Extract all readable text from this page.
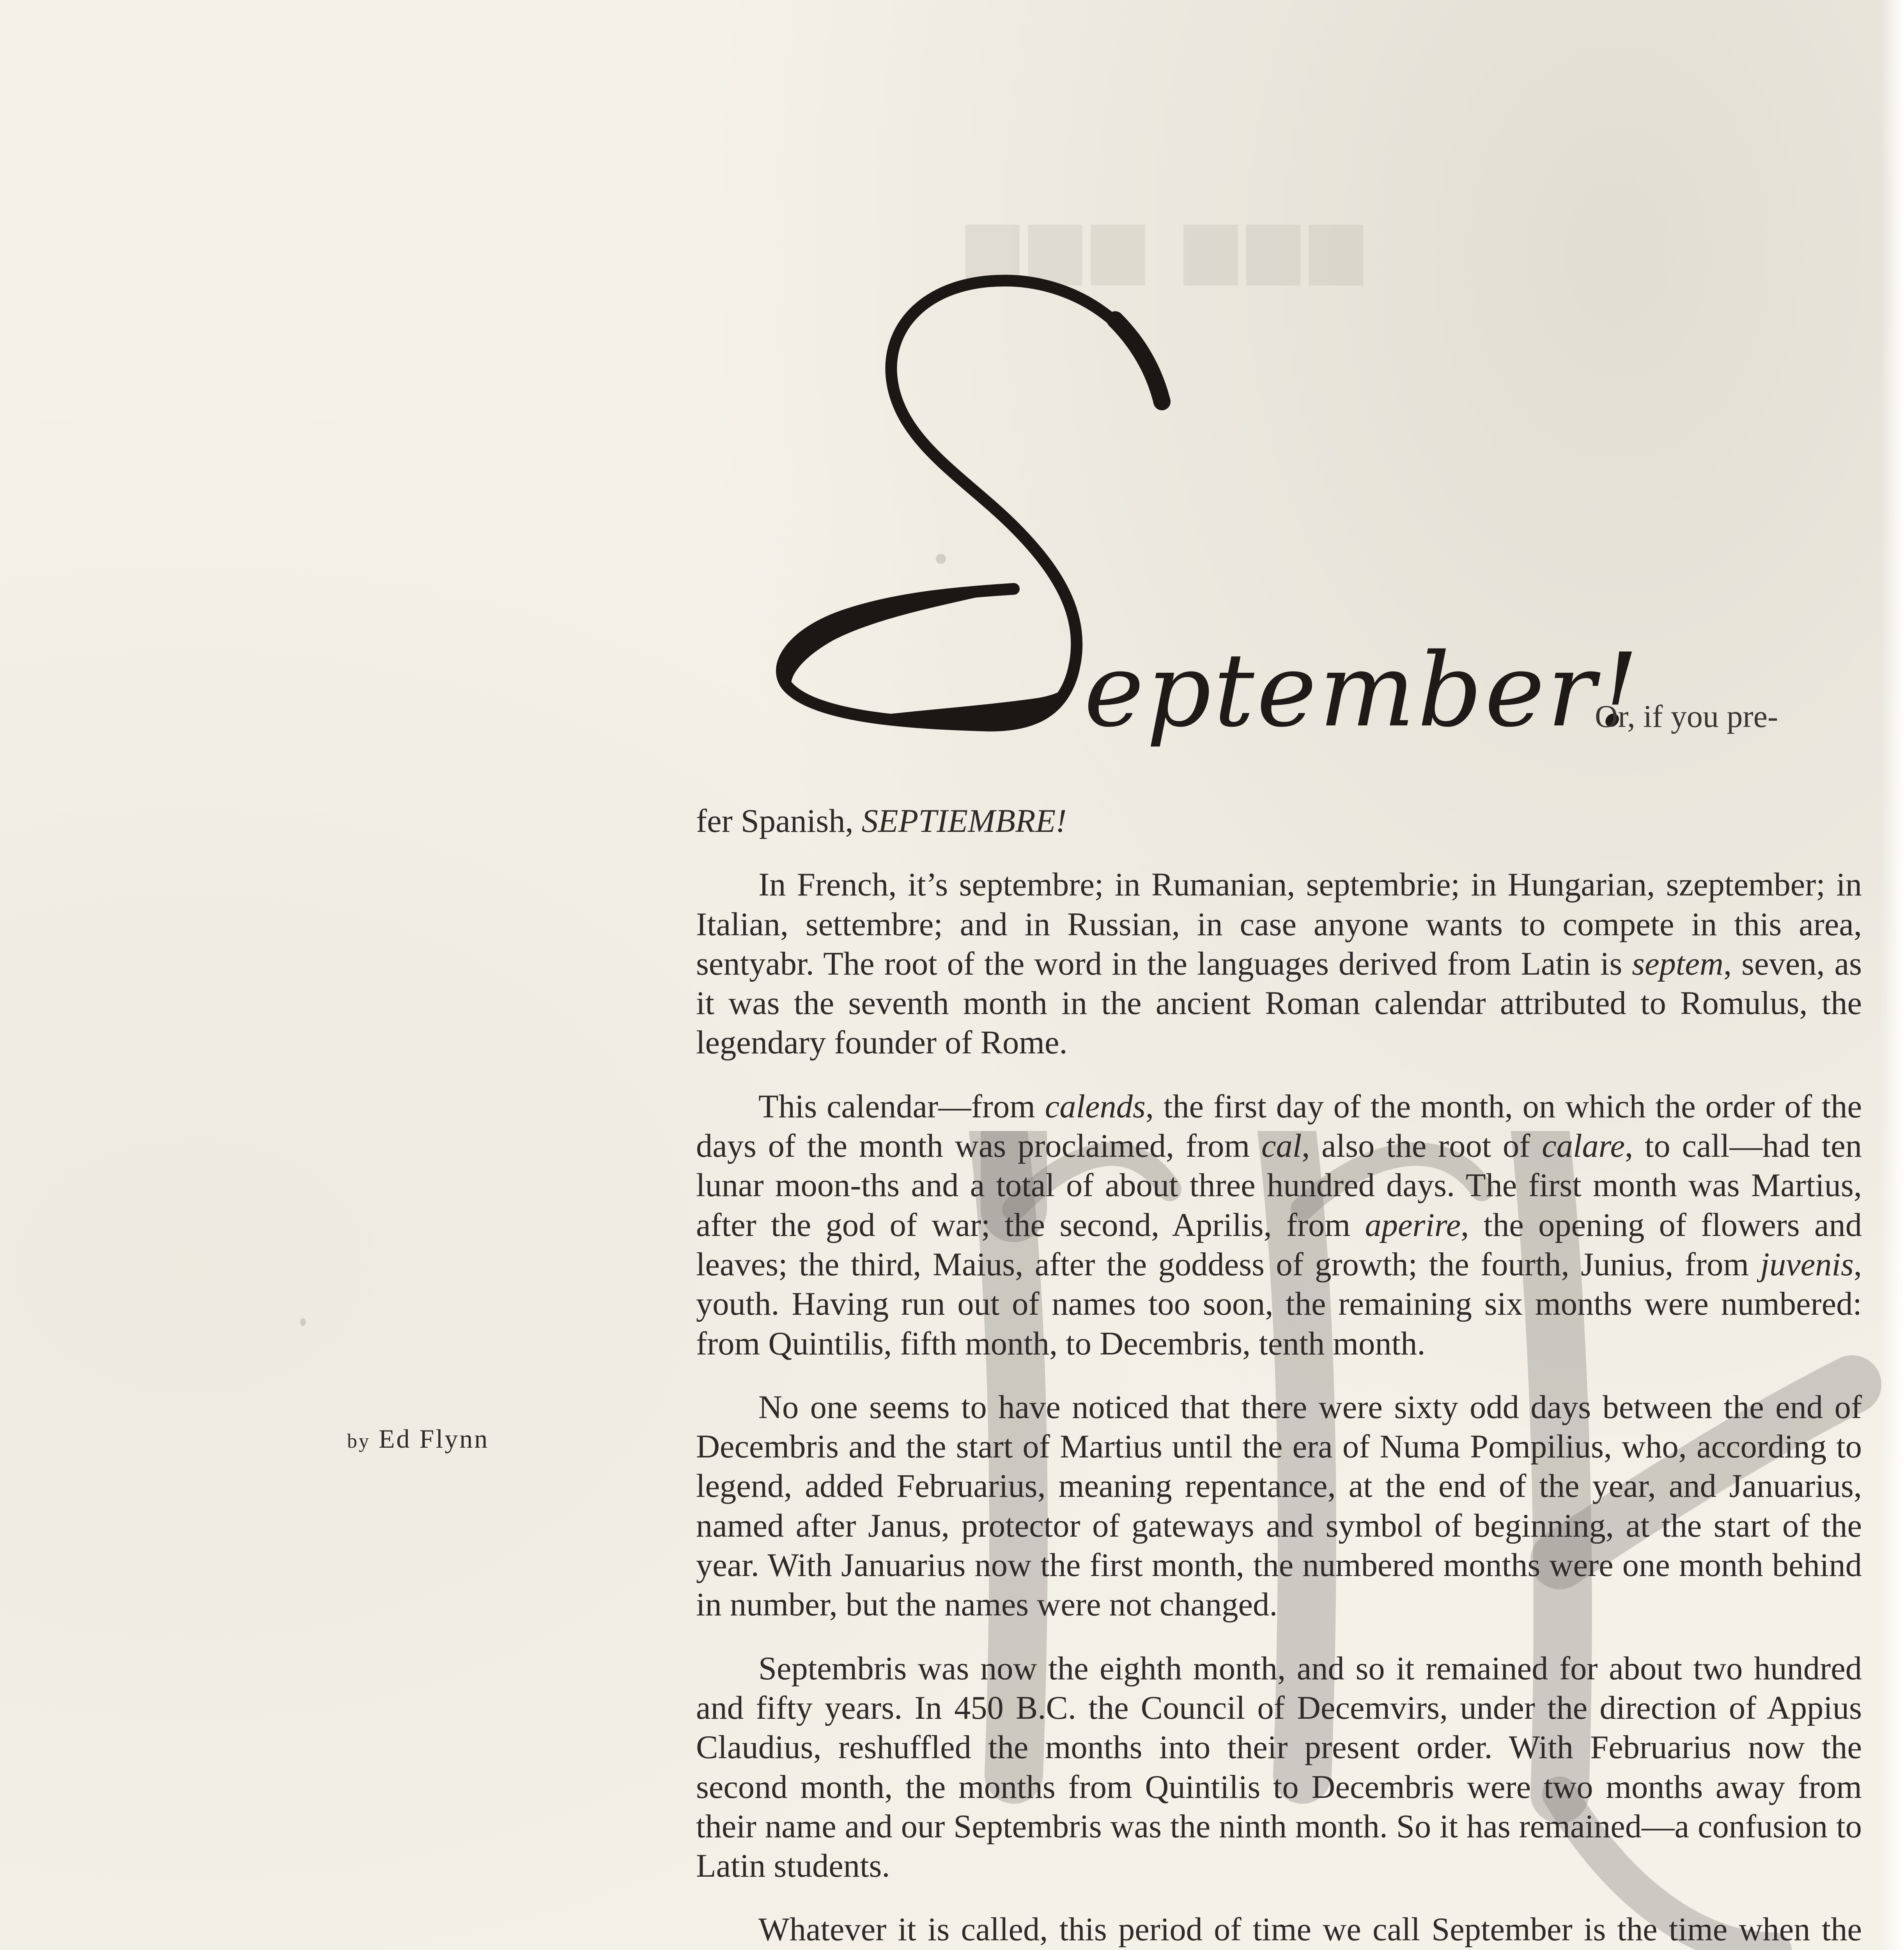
▆▆▆ ▆▆▆
eptember!
Or, if you pre-
by Ed Flynn

fer Spanish, SEPTIEMBRE!

In French, it’s septembre; in Rumanian, septembrie; in Hungarian, szeptember; in Italian, settembre; and in Russian, in case anyone wants to compete in this area, sentyabr. The root of the word in the languages derived from Latin is septem, seven, as it was the seventh month in the ancient Roman calendar attributed to Romulus, the legendary founder of Rome.

This calendar—from calends, the first day of the month, on which the order of the days of the month was proclaimed, from cal, also the root of calare, to call—had ten lunar moon-ths and a total of about three hundred days. The first month was Martius, after the god of war; the second, Aprilis, from aperire, the opening of flowers and leaves; the third, Maius, after the goddess of growth; the fourth, Junius, from juvenis, youth. Having run out of names too soon, the remaining six months were numbered: from Quintilis, fifth month, to Decembris, tenth month.

No one seems to have noticed that there were sixty odd days between the end of Decembris and the start of Martius until the era of Numa Pompilius, who, according to legend, added Februarius, meaning repentance, at the end of the year, and Januarius, named after Janus, protector of gateways and symbol of beginning, at the start of the year. With Januarius now the first month, the numbered months were one month behind in number, but the names were not changed.

Septembris was now the eighth month, and so it remained for about two hundred and fifty years. In 450 B.C. the Council of Decemvirs, under the direction of Appius Claudius, reshuffled the months into their present order. With Februarius now the second month, the months from Quintilis to Decembris were two months away from their name and our Septembris was the ninth month. So it has remained—a confusion to Latin students.

Whatever it is called, this period of time we call September is the time when the
